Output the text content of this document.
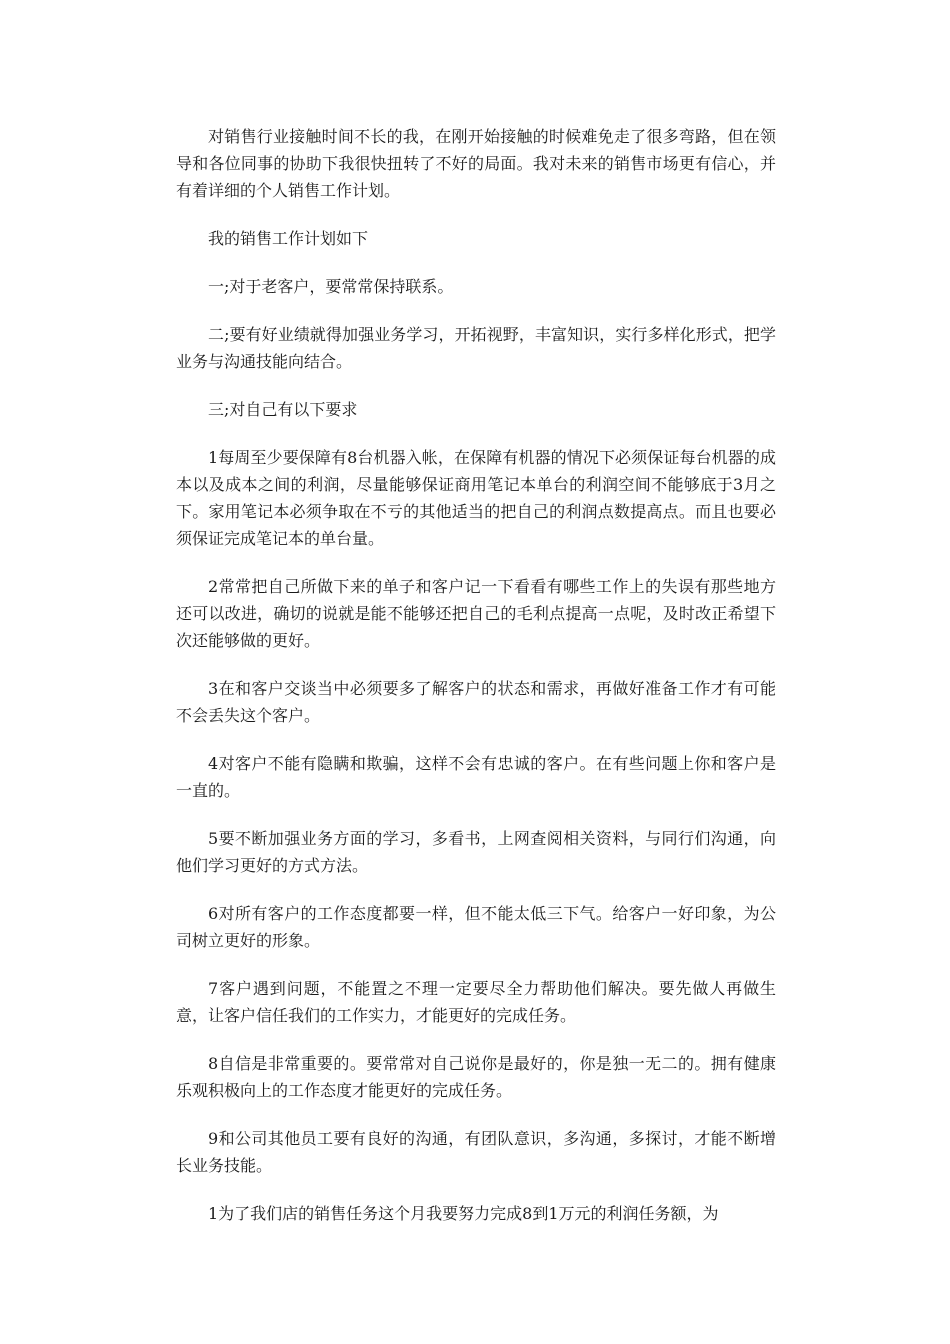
对销售行业接触时间不长的我，在刚开始接触的时候难免走了很多弯路，但在领导和各位同事的协助下我很快扭转了不好的局面。我对未来的销售市场更有信心，并有着详细的个人销售工作计划。

我的销售工作计划如下

一;对于老客户，要常常保持联系。

二;要有好业绩就得加强业务学习，开拓视野，丰富知识，实行多样化形式，把学业务与沟通技能向结合。

三;对自己有以下要求

1每周至少要保障有8台机器入帐，在保障有机器的情况下必须保证每台机器的成本以及成本之间的利润，尽量能够保证商用笔记本单台的利润空间不能够底于3月之下。家用笔记本必须争取在不亏的其他适当的把自己的利润点数提高点。而且也要必须保证完成笔记本的单台量。

2常常把自己所做下来的单子和客户记一下看看有哪些工作上的失误有那些地方还可以改进，确切的说就是能不能够还把自己的毛利点提高一点呢，及时改正希望下次还能够做的更好。

3在和客户交谈当中必须要多了解客户的状态和需求，再做好准备工作才有可能不会丢失这个客户。

4对客户不能有隐瞒和欺骗，这样不会有忠诚的客户。在有些问题上你和客户是一直的。

5要不断加强业务方面的学习，多看书，上网查阅相关资料，与同行们沟通，向他们学习更好的方式方法。

6对所有客户的工作态度都要一样，但不能太低三下气。给客户一好印象，为公司树立更好的形象。

7客户遇到问题，不能置之不理一定要尽全力帮助他们解决。要先做人再做生意，让客户信任我们的工作实力，才能更好的完成任务。

8自信是非常重要的。要常常对自己说你是最好的，你是独一无二的。拥有健康乐观积极向上的工作态度才能更好的完成任务。

9和公司其他员工要有良好的沟通，有团队意识，多沟通，多探讨，才能不断增长业务技能。

1为了我们店的销售任务这个月我要努力完成8到1万元的利润任务额，为
